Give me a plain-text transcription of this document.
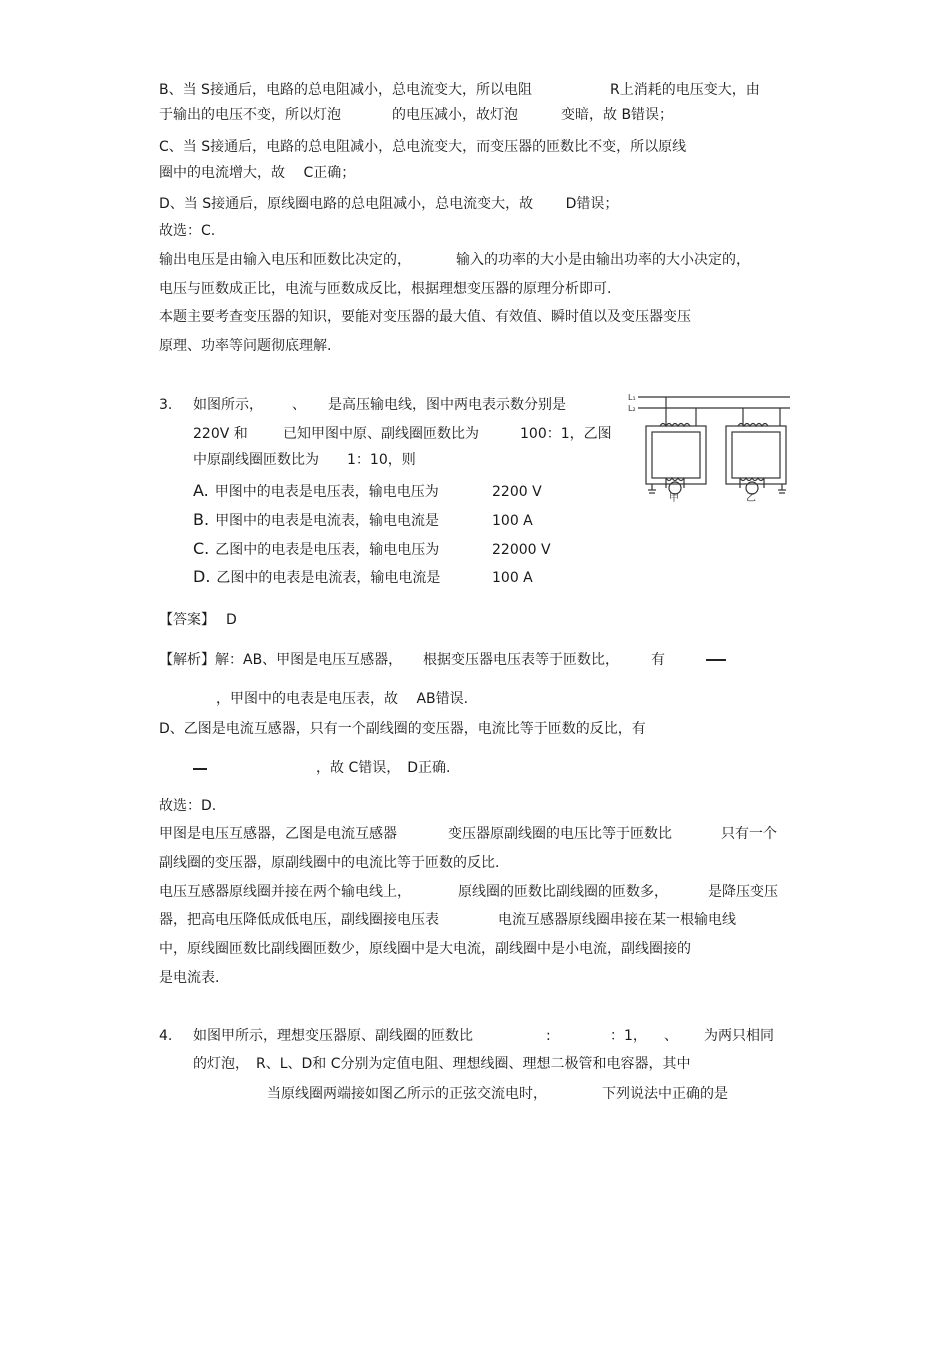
B、当 S接通后，电路的总电阻减小，总电流变大，所以电阻	R上消耗的电压变大，由
于输出的电压不变，所以灯泡	的电压减小，故灯泡	变暗，故 B错误；
C、当 S接通后，电路的总电阻减小，总电流变大，而变压器的匝数比不变，所以原线
圈中的电流增大，故　 C正确；
D、当 S接通后，原线圈电路的总电阻减小，总电流变大，故　　 D错误；
故选：C.
输出电压是由输入电压和匝数比决定的，	输入的功率的大小是由输出功率的大小决定的，
电压与匝数成正比，电流与匝数成反比，根据理想变压器的原理分析即可.
本题主要考查变压器的知识，要能对变压器的最大值、有效值、瞬时值以及变压器变压
原理、功率等问题彻底理解.
3. 如图所示， 、 是高压输电线，图中两电表示数分别是
220V 和	已知甲图中原、副线圈匝数比为	100：1，乙图
中原副线圈匝数比为 1：10，则
A. 甲图中的电表是电压表，输电电压为	2200 V
B. 甲图中的电表是电流表，输电电流是	100 A
C. 乙图中的电表是电压表，输电电压为	22000 V
D. 乙图中的电表是电流表，输电电流是	100 A
L₁
L₂
甲	乙
【答案】 D
【解析】解：AB、甲图是电压互感器， 根据变压器电压表等于匝数比， 有
，甲图中的电表是电压表，故　 AB错误.
D、乙图是电流互感器，只有一个副线圈的变压器，电流比等于匝数的反比，有
，故 C错误，　D正确.
故选：D.
甲图是电压互感器，乙图是电流互感器	变压器原副线圈的电压比等于匝数比	只有一个
副线圈的变压器，原副线圈中的电流比等于匝数的反比.
电压互感器原线圈并接在两个输电线上，	原线圈的匝数比副线圈的匝数多，	是降压变压
器，把高电压降低成低电压，副线圈接电压表	电流互感器原线圈串接在某一根输电线
中，原线圈匝数比副线圈匝数少，原线圈中是大电流，副线圈中是小电流，副线圈接的
是电流表.
4. 如图甲所示，理想变压器原、副线圈的匝数比	:	：1， 、 为两只相同
的灯泡，　R、L、D和 C分别为定值电阻、理想线圈、理想二极管和电容器，其中
当原线圈两端接如图乙所示的正弦交流电时，	下列说法中正确的是
